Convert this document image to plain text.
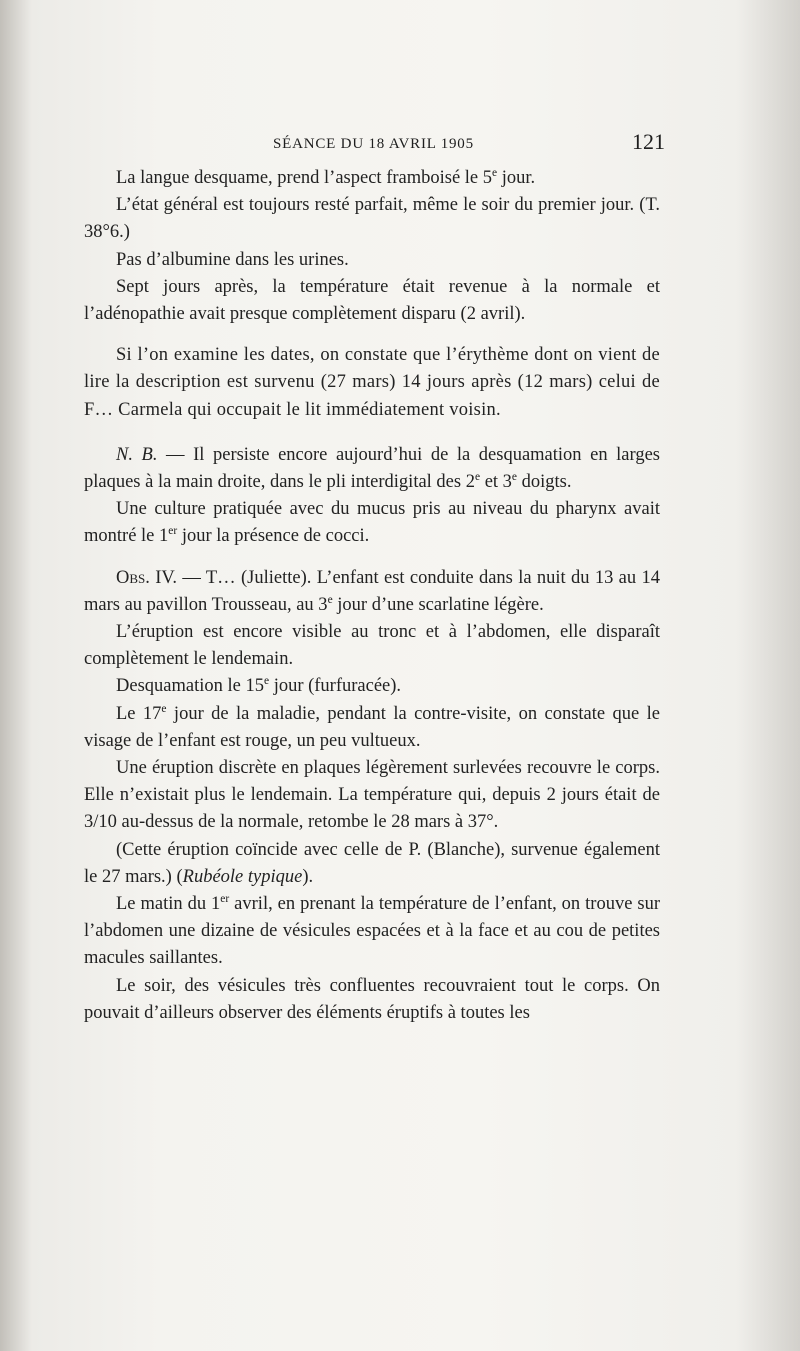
SÉANCE DU 18 AVRIL 1905	121

La langue desquame, prend l’aspect framboisé le 5e jour.

L’état général est toujours resté parfait, même le soir du premier jour. (T. 38°6.)

Pas d’albumine dans les urines.

Sept jours après, la température était revenue à la normale et l’adénopathie avait presque complètement disparu (2 avril).

Si l’on examine les dates, on constate que l’érythème dont on vient de lire la description est survenu (27 mars) 14 jours après (12 mars) celui de F… Carmela qui occupait le lit immédiatement voisin.

N. B. — Il persiste encore aujourd’hui de la desquamation en larges plaques à la main droite, dans le pli interdigital des 2e et 3e doigts.

Une culture pratiquée avec du mucus pris au niveau du pharynx avait montré le 1er jour la présence de cocci.

Obs. IV. — T… (Juliette). L’enfant est conduite dans la nuit du 13 au 14 mars au pavillon Trousseau, au 3e jour d’une scarlatine légère.

L’éruption est encore visible au tronc et à l’abdomen, elle disparaît complètement le lendemain.

Desquamation le 15e jour (furfuracée).

Le 17e jour de la maladie, pendant la contre-visite, on constate que le visage de l’enfant est rouge, un peu vultueux.

Une éruption discrète en plaques légèrement surlevées recouvre le corps. Elle n’existait plus le lendemain. La température qui, depuis 2 jours était de 3/10 au-dessus de la normale, retombe le 28 mars à 37°.

(Cette éruption coïncide avec celle de P. (Blanche), survenue également le 27 mars.) (Rubéole typique).

Le matin du 1er avril, en prenant la température de l’enfant, on trouve sur l’abdomen une dizaine de vésicules espacées et à la face et au cou de petites macules saillantes.

Le soir, des vésicules très confluentes recouvraient tout le corps. On pouvait d’ailleurs observer des éléments éruptifs à toutes les
